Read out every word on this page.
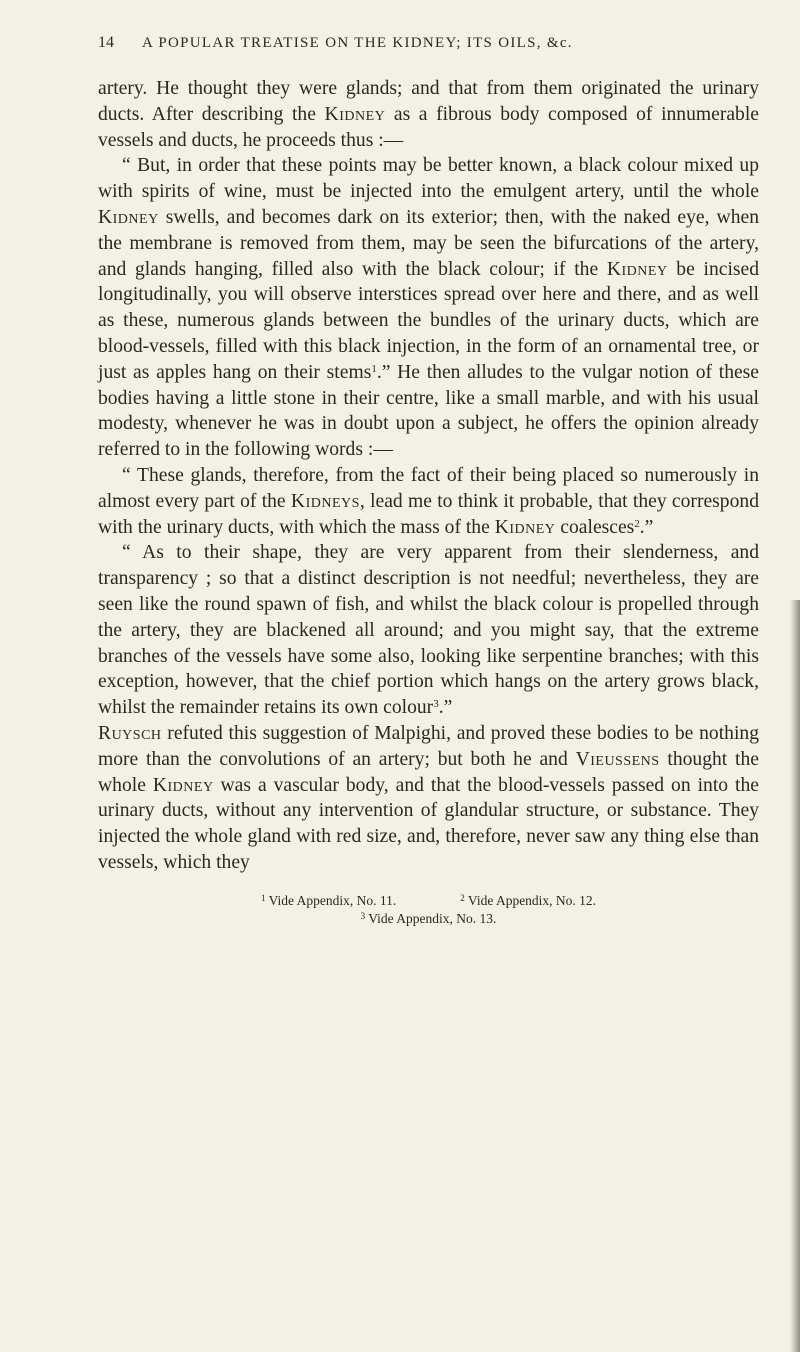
14	A POPULAR TREATISE ON THE KIDNEY; ITS OILS, &c.

artery. He thought they were glands; and that from them originated the urinary ducts. After describing the Kidney as a fibrous body composed of innumerable vessels and ducts, he proceeds thus :—

“ But, in order that these points may be better known, a black colour mixed up with spirits of wine, must be injected into the emulgent artery, until the whole Kidney swells, and becomes dark on its exterior; then, with the naked eye, when the membrane is removed from them, may be seen the bifurcations of the artery, and glands hanging, filled also with the black colour; if the Kidney be incised longitudinally, you will observe interstices spread over here and there, and as well as these, numerous glands between the bundles of the urinary ducts, which are blood-vessels, filled with this black injection, in the form of an ornamental tree, or just as apples hang on their stems$^1$.” He then alludes to the vulgar notion of these bodies having a little stone in their centre, like a small marble, and with his usual modesty, whenever he was in doubt upon a subject, he offers the opinion already referred to in the following words :—

“ These glands, therefore, from the fact of their being placed so numerously in almost every part of the Kidneys, lead me to think it probable, that they correspond with the urinary ducts, with which the mass of the Kidney coalesces$^2$.”

“ As to their shape, they are very apparent from their slenderness, and transparency ; so that a distinct description is not needful; nevertheless, they are seen like the round spawn of fish, and whilst the black colour is propelled through the artery, they are blackened all around; and you might say, that the extreme branches of the vessels have some also, looking like serpentine branches; with this exception, however, that the chief portion which hangs on the artery grows black, whilst the remainder retains its own colour$^3$.”

Ruysch refuted this suggestion of Malpighi, and proved these bodies to be nothing more than the convolutions of an artery; but both he and Vieussens thought the whole Kidney was a vascular body, and that the blood-vessels passed on into the urinary ducts, without any intervention of glandular structure, or substance. They injected the whole gland with red size, and, therefore, never saw any thing else than vessels, which they

$^1$ Vide Appendix, No. 11.	$^2$ Vide Appendix, No. 12.
$^3$ Vide Appendix, No. 13.
